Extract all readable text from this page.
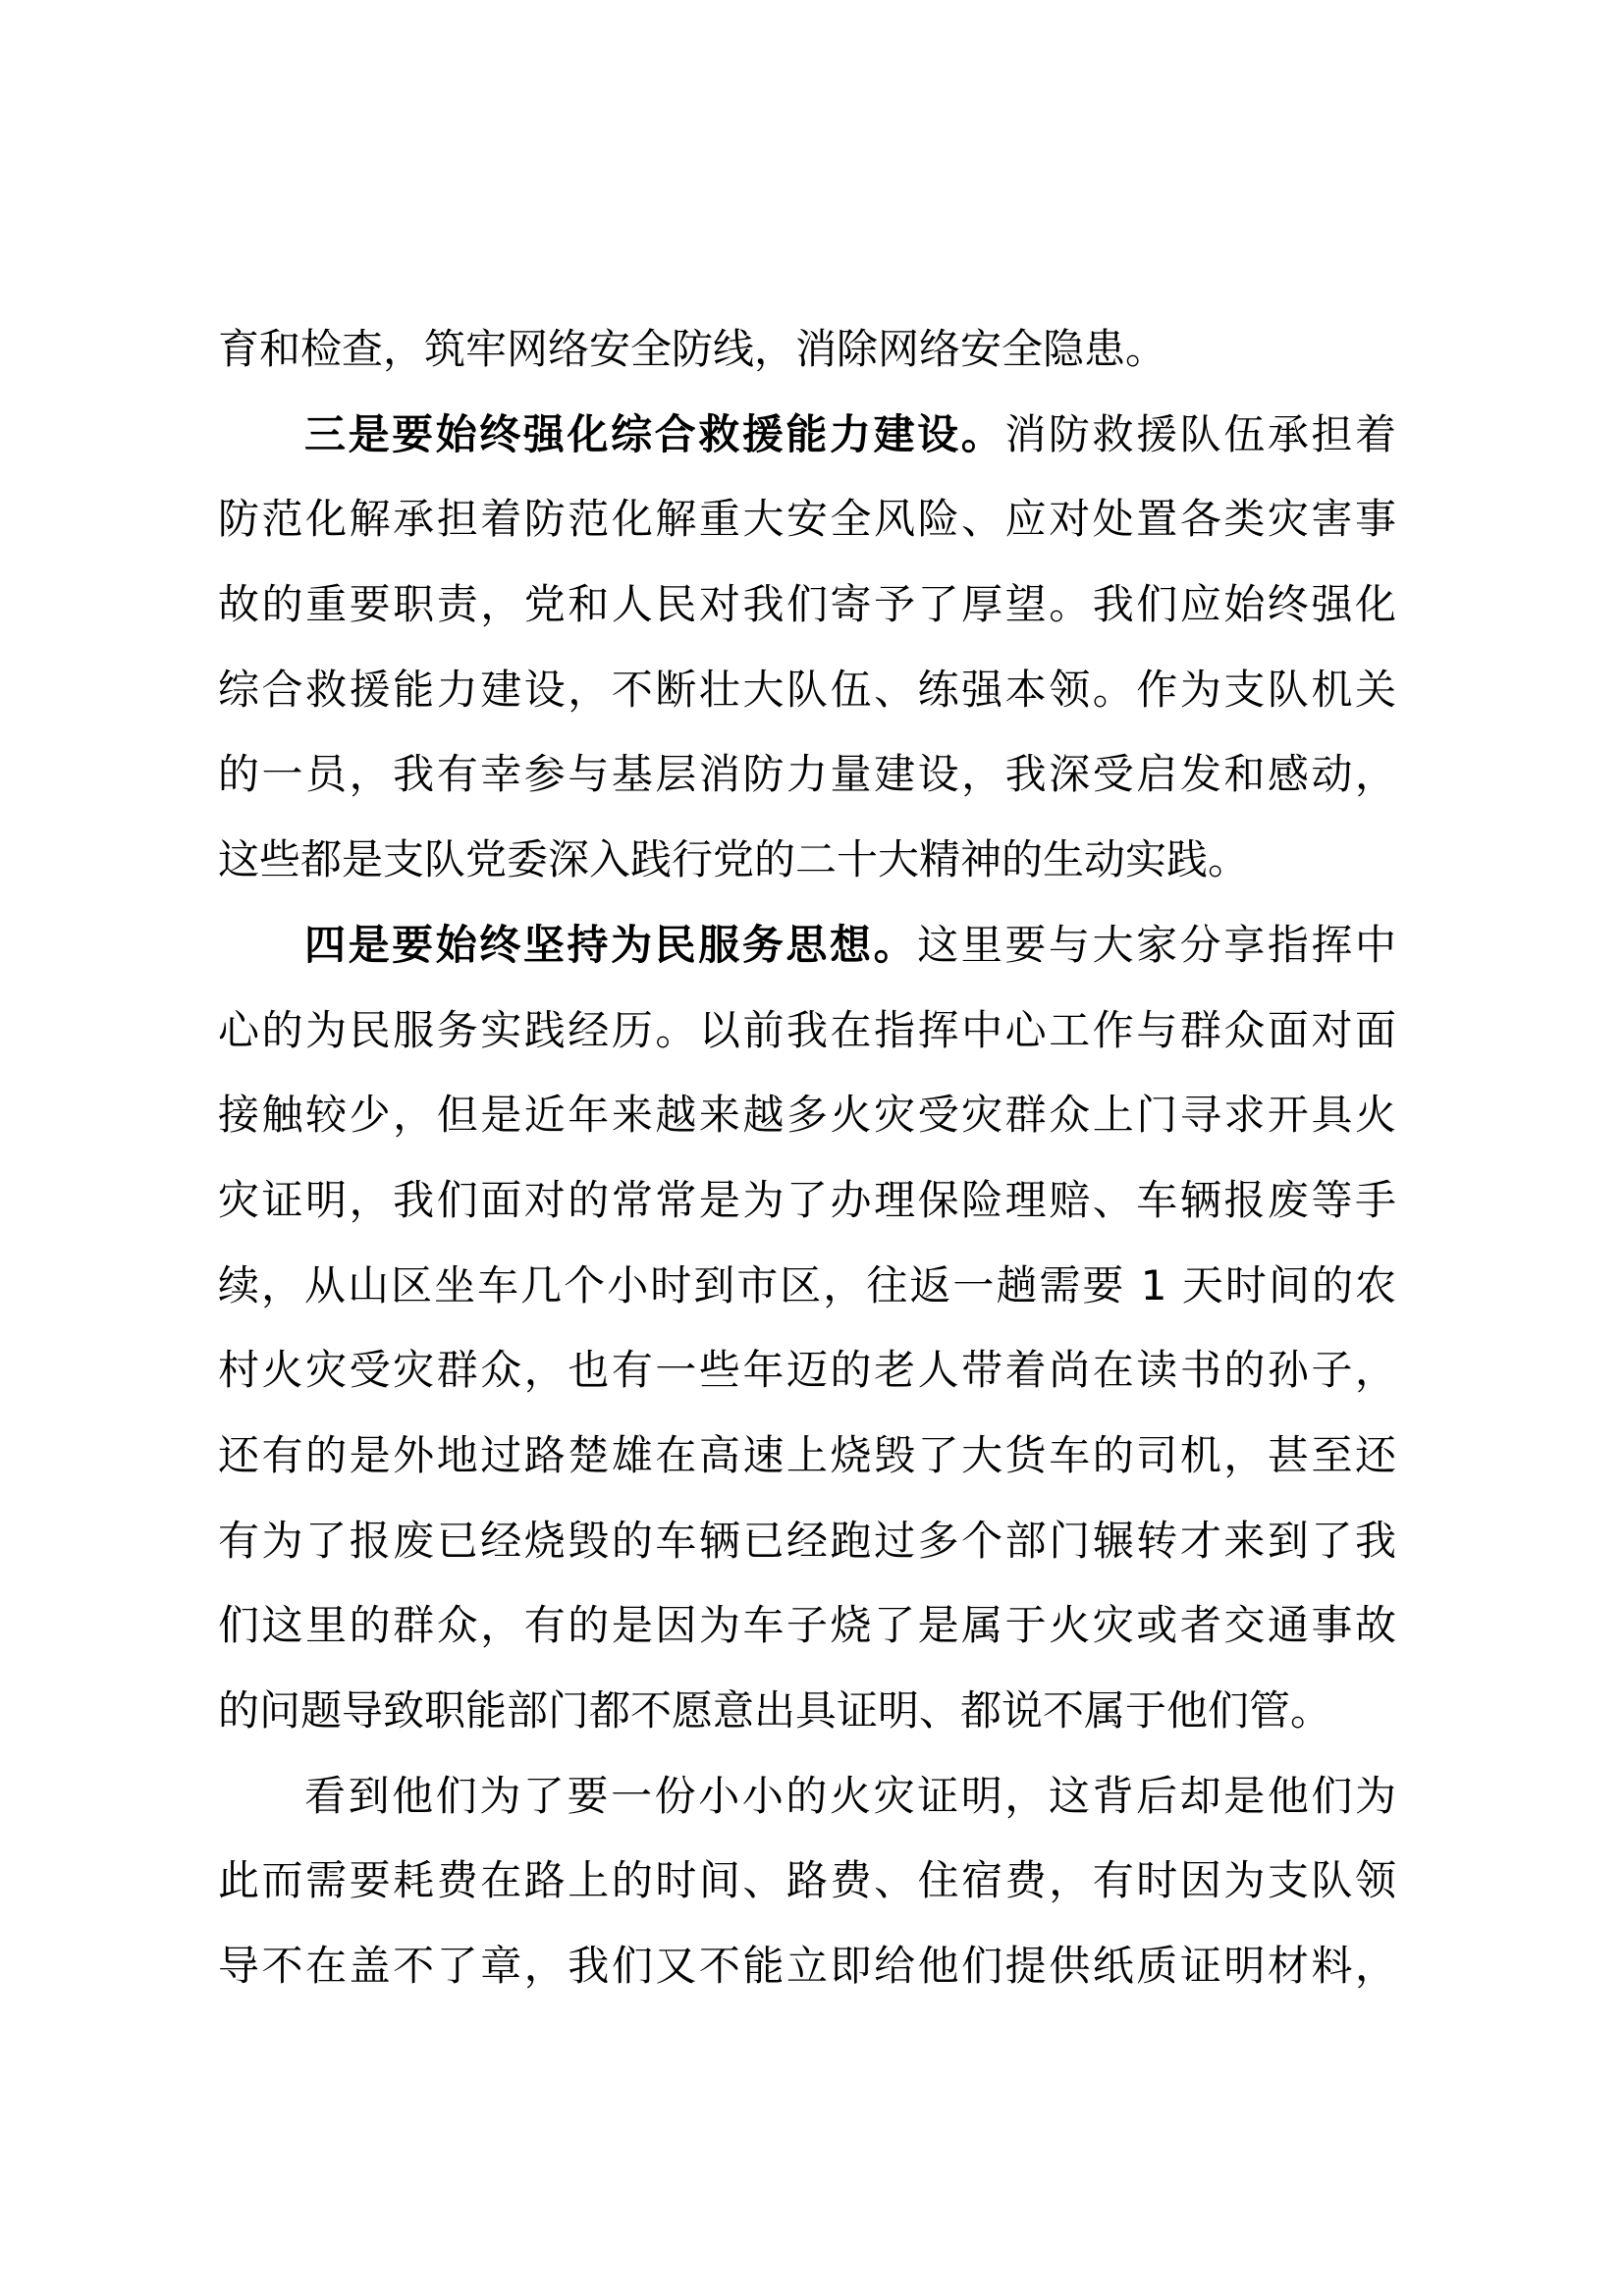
育和检查，筑牢网络安全防线，消除网络安全隐患。
三是要始终强化综合救援能力建设。消防救援队伍承担着
防范化解承担着防范化解重大安全风险、应对处置各类灾害事
故的重要职责，党和人民对我们寄予了厚望。我们应始终强化
综合救援能力建设，不断壮大队伍、练强本领。作为支队机关
的一员，我有幸参与基层消防力量建设，我深受启发和感动，
这些都是支队党委深入践行党的二十大精神的生动实践。
四是要始终坚持为民服务思想。这里要与大家分享指挥中
心的为民服务实践经历。以前我在指挥中心工作与群众面对面
接触较少，但是近年来越来越多火灾受灾群众上门寻求开具火
灾证明，我们面对的常常是为了办理保险理赔、车辆报废等手
续，从山区坐车几个小时到市区，往返一趟需要 1 天时间的农
村火灾受灾群众，也有一些年迈的老人带着尚在读书的孙子，
还有的是外地过路楚雄在高速上烧毁了大货车的司机，甚至还
有为了报废已经烧毁的车辆已经跑过多个部门辗转才来到了我
们这里的群众，有的是因为车子烧了是属于火灾或者交通事故
的问题导致职能部门都不愿意出具证明、都说不属于他们管。
看到他们为了要一份小小的火灾证明，这背后却是他们为
此而需要耗费在路上的时间、路费、住宿费，有时因为支队领
导不在盖不了章，我们又不能立即给他们提供纸质证明材料，
